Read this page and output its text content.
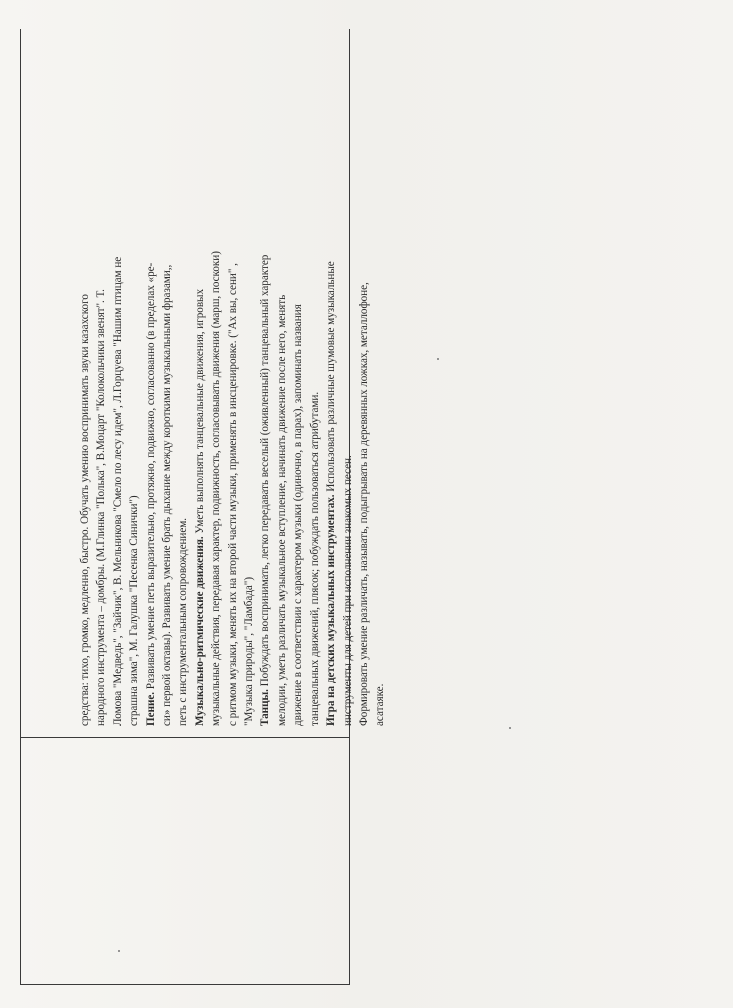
средства: тихо, громко, медленно, быстро. Обучать умению воспринимать звуки казахского народного инструмента – домбры. (М.Глинка "Полька", В.Моцарт "Колокольчики звенят". Т. Ломова "Медведь", "Зайчик", В. Мельникова "Смело по лесу идем", Л.Горцуева "Нашим птицам не страшна зима", М. Галушка "Песенка Синички") Пение. Развивать умение петь выразительно, протяжно, подвижно, согласованно (в пределах «ре- си» первой октавы). Развивать умение брать дыхание между короткими музыкальными фразами,, петь с инструментальным сопровождением. Музыкально-ритмические движения. Уметь выполнять танцевальные движения, игровых музыкальные действия, передавая характер, подвижность, согласовывать движения (марш, поскоки) с ритмом музыки, менять их на второй части музыки, применять в инсценировке. ("Ах вы, сени" , "Музыка природы", "Ламбада") Танцы. Побуждать воспринимать, легко передавать веселый (оживленный) танцевальный характер мелодии, уметь различать музыкальное вступление, начинать движение после него, менять движение в соответствии с характером музыки (одиночно, в парах), запоминать названия танцевальных движений, плясок; побуждать пользоваться атрибутами. Игра на детских музыкальных инструментах. Использовать различные шумовые музыкальные
инструменты для детей при исполнении знакомых песен. Формировать умение различать, называть, подыгрывать на деревянных ложках, металлофоне, асатаяке.
